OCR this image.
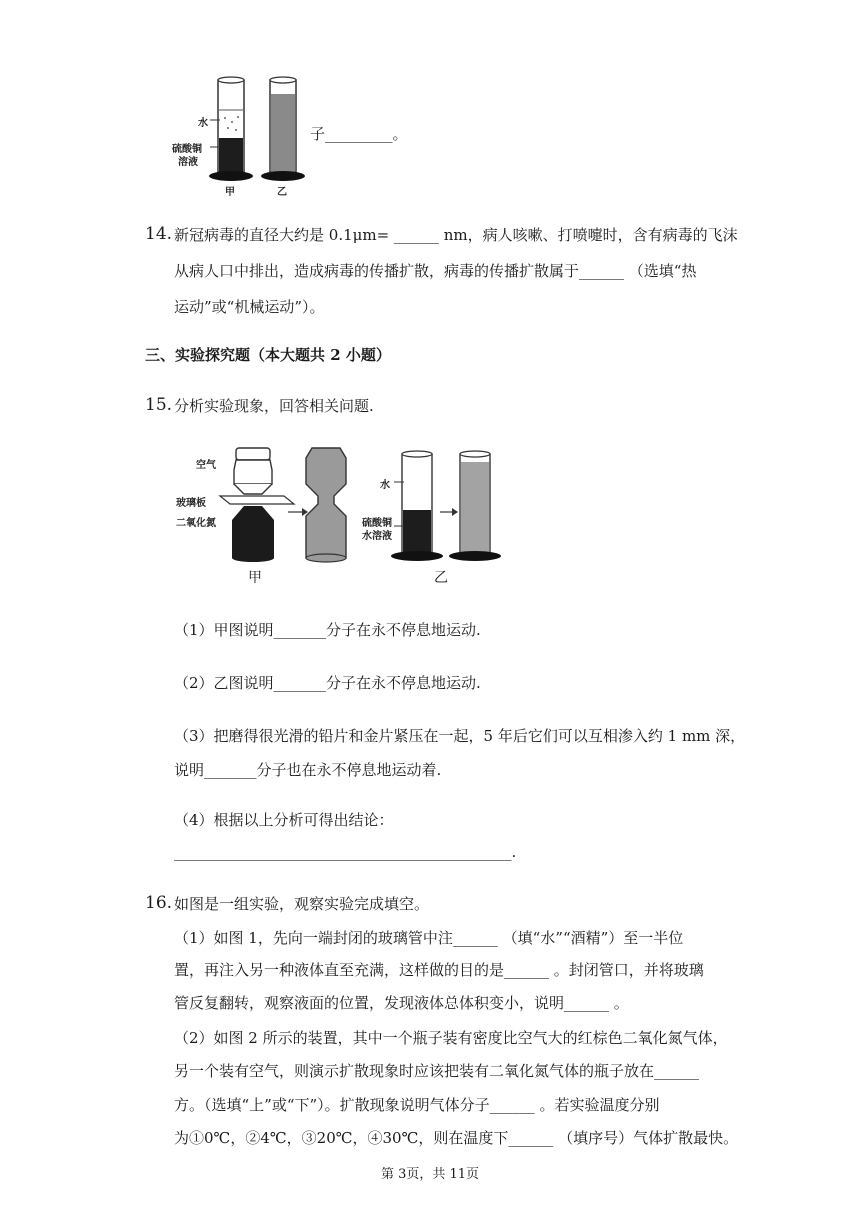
水
硫酸铜
溶液
甲	乙
子_________。
14. 新冠病毒的直径大约是 0.1μm= ______ nm，病人咳嗽、打喷嚏时，含有病毒的飞沫
从病人口中排出，造成病毒的传播扩散，病毒的传播扩散属于______ （选填“热
运动”或“机械运动”）。
三、实验探究题（本大题共 2 小题）
15. 分析实验现象，回答相关问题.
空气
玻璃板
二氧化氮
水
硫酸铜
水溶液
甲	乙
（1）甲图说明_______分子在永不停息地运动.
（2）乙图说明_______分子在永不停息地运动.
（3）把磨得很光滑的铅片和金片紧压在一起，5 年后它们可以互相渗入约 1 mm 深，
说明_______分子也在永不停息地运动着.
（4）根据以上分析可得出结论：
_____________________________________________.
16. 如图是一组实验，观察实验完成填空。
（1）如图 1，先向一端封闭的玻璃管中注______ （填“水”“酒精”）至一半位
置，再注入另一种液体直至充满，这样做的目的是______ 。封闭管口，并将玻璃
管反复翻转，观察液面的位置，发现液体总体积变小，说明______ 。
（2）如图 2 所示的装置，其中一个瓶子装有密度比空气大的红棕色二氧化氮气体，
另一个装有空气，则演示扩散现象时应该把装有二氧化氮气体的瓶子放在______
方。（选填“上”或“下”）。扩散现象说明气体分子______ 。若实验温度分别
为①0℃，②4℃，③20℃，④30℃，则在温度下______ （填序号）气体扩散最快。
第 3页，共 11页
